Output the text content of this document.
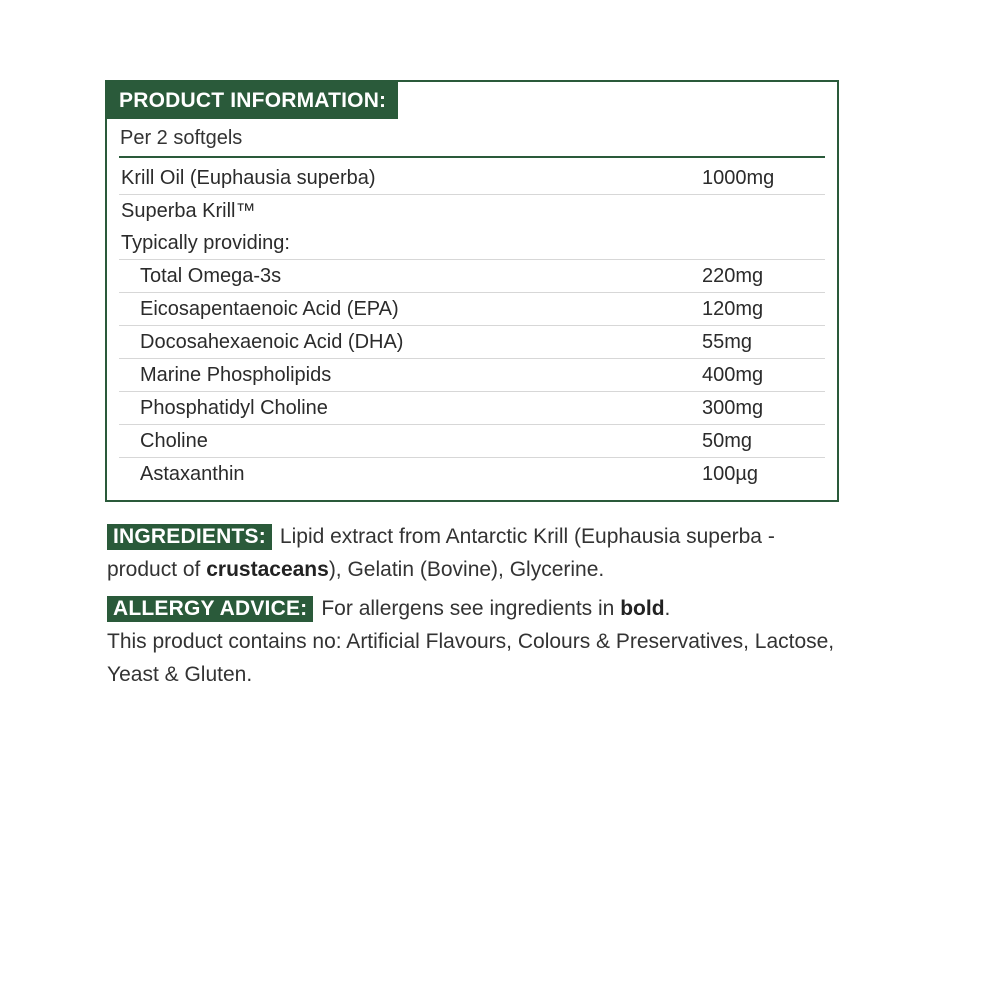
PRODUCT INFORMATION:
Per 2 softgels
Krill Oil (Euphausia superba)	1000mg
Superba Krill™
Typically providing:
Total Omega-3s	220mg
Eicosapentaenoic Acid (EPA)	120mg
Docosahexaenoic Acid (DHA)	55mg
Marine Phospholipids	400mg
Phosphatidyl Choline	300mg
Choline	50mg
Astaxanthin	100µg
INGREDIENTS: Lipid extract from Antarctic Krill (Euphausia superba - product of crustaceans), Gelatin (Bovine), Glycerine.
ALLERGY ADVICE: For allergens see ingredients in bold.
This product contains no: Artificial Flavours, Colours & Preservatives, Lactose, Yeast & Gluten.
